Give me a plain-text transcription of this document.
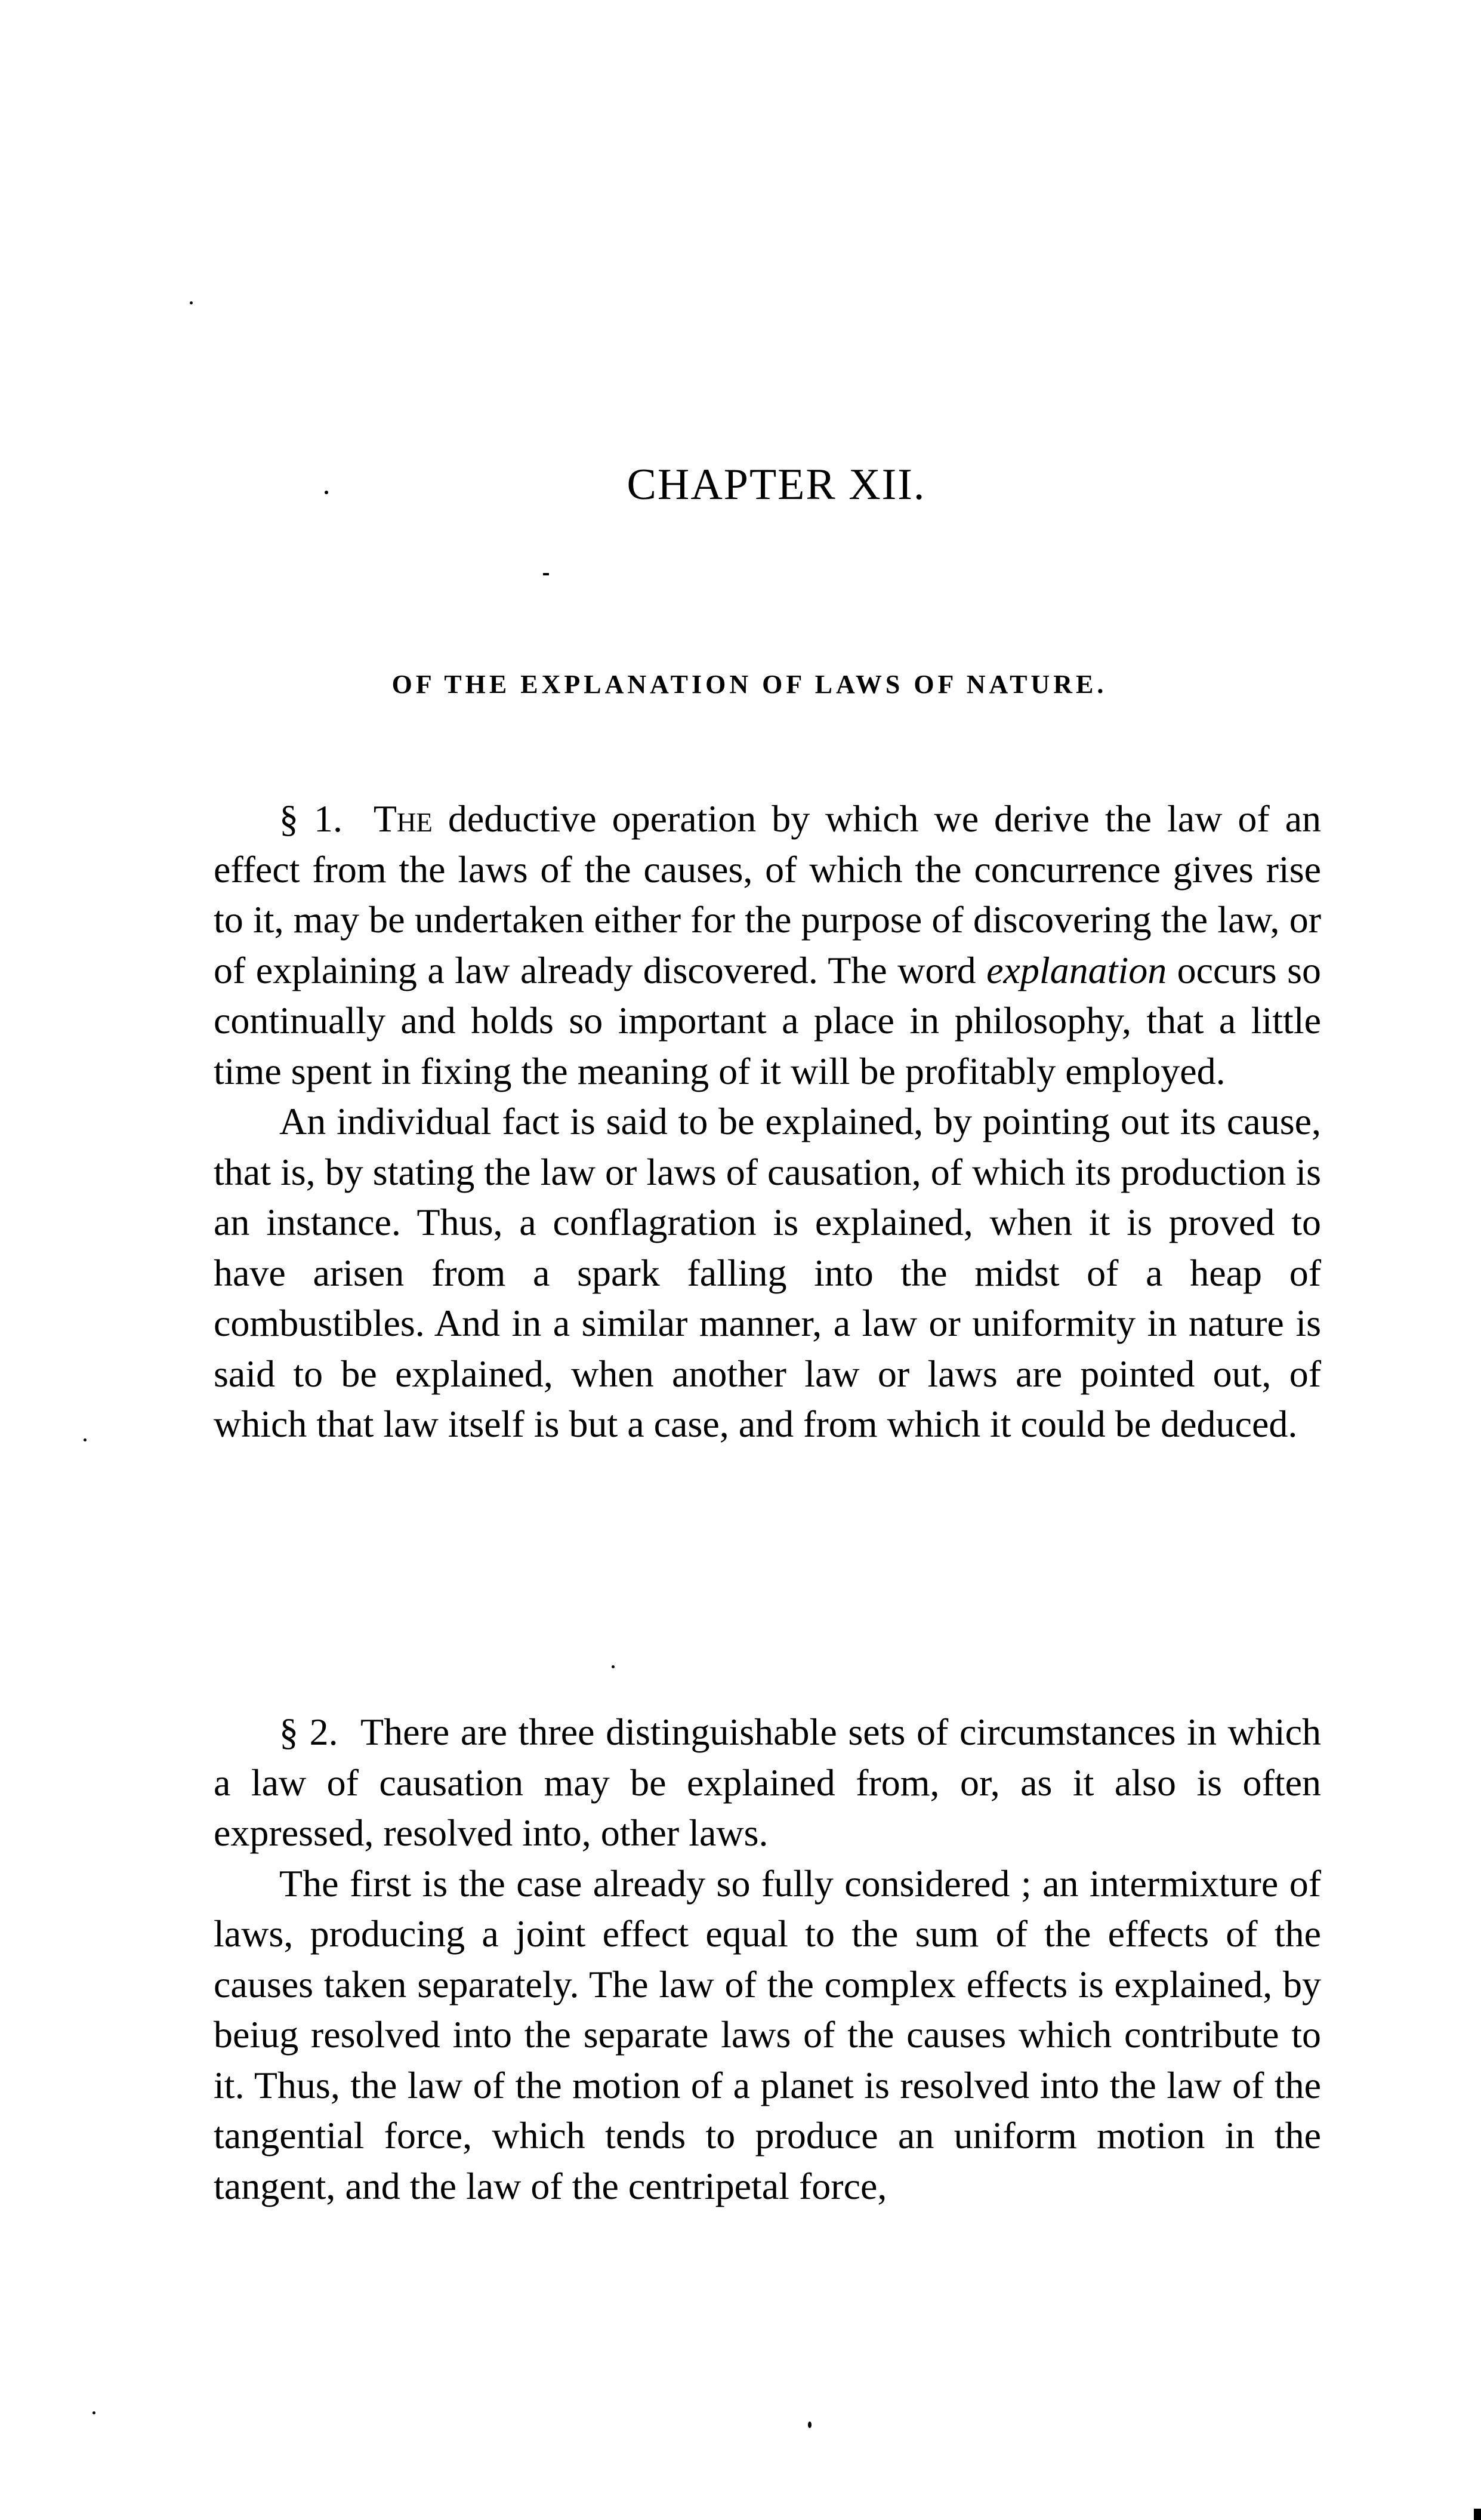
CHAPTER XII.
OF THE EXPLANATION OF LAWS OF NATURE.

§ 1. The deductive operation by which we derive the law of an effect from the laws of the causes, of which the concurrence gives rise to it, may be undertaken either for the purpose of discovering the law, or of explaining a law already discovered. The word explanation occurs so continually and holds so important a place in philosophy, that a little time spent in fixing the meaning of it will be profitably employed.

An individual fact is said to be explained, by pointing out its cause, that is, by stating the law or laws of causation, of which its production is an instance. Thus, a conflagration is explained, when it is proved to have arisen from a spark falling into the midst of a heap of combustibles. And in a similar manner, a law or uniformity in nature is said to be explained, when another law or laws are pointed out, of which that law itself is but a case, and from which it could be deduced.

§ 2. There are three distinguishable sets of circumstances in which a law of causation may be explained from, or, as it also is often expressed, resolved into, other laws.

The first is the case already so fully considered ; an intermixture of laws, producing a joint effect equal to the sum of the effects of the causes taken separately. The law of the complex effects is explained, by beiug resolved into the separate laws of the causes which contribute to it. Thus, the law of the motion of a planet is resolved into the law of the tangential force, which tends to produce an uniform motion in the tangent, and the law of the centripetal force,
